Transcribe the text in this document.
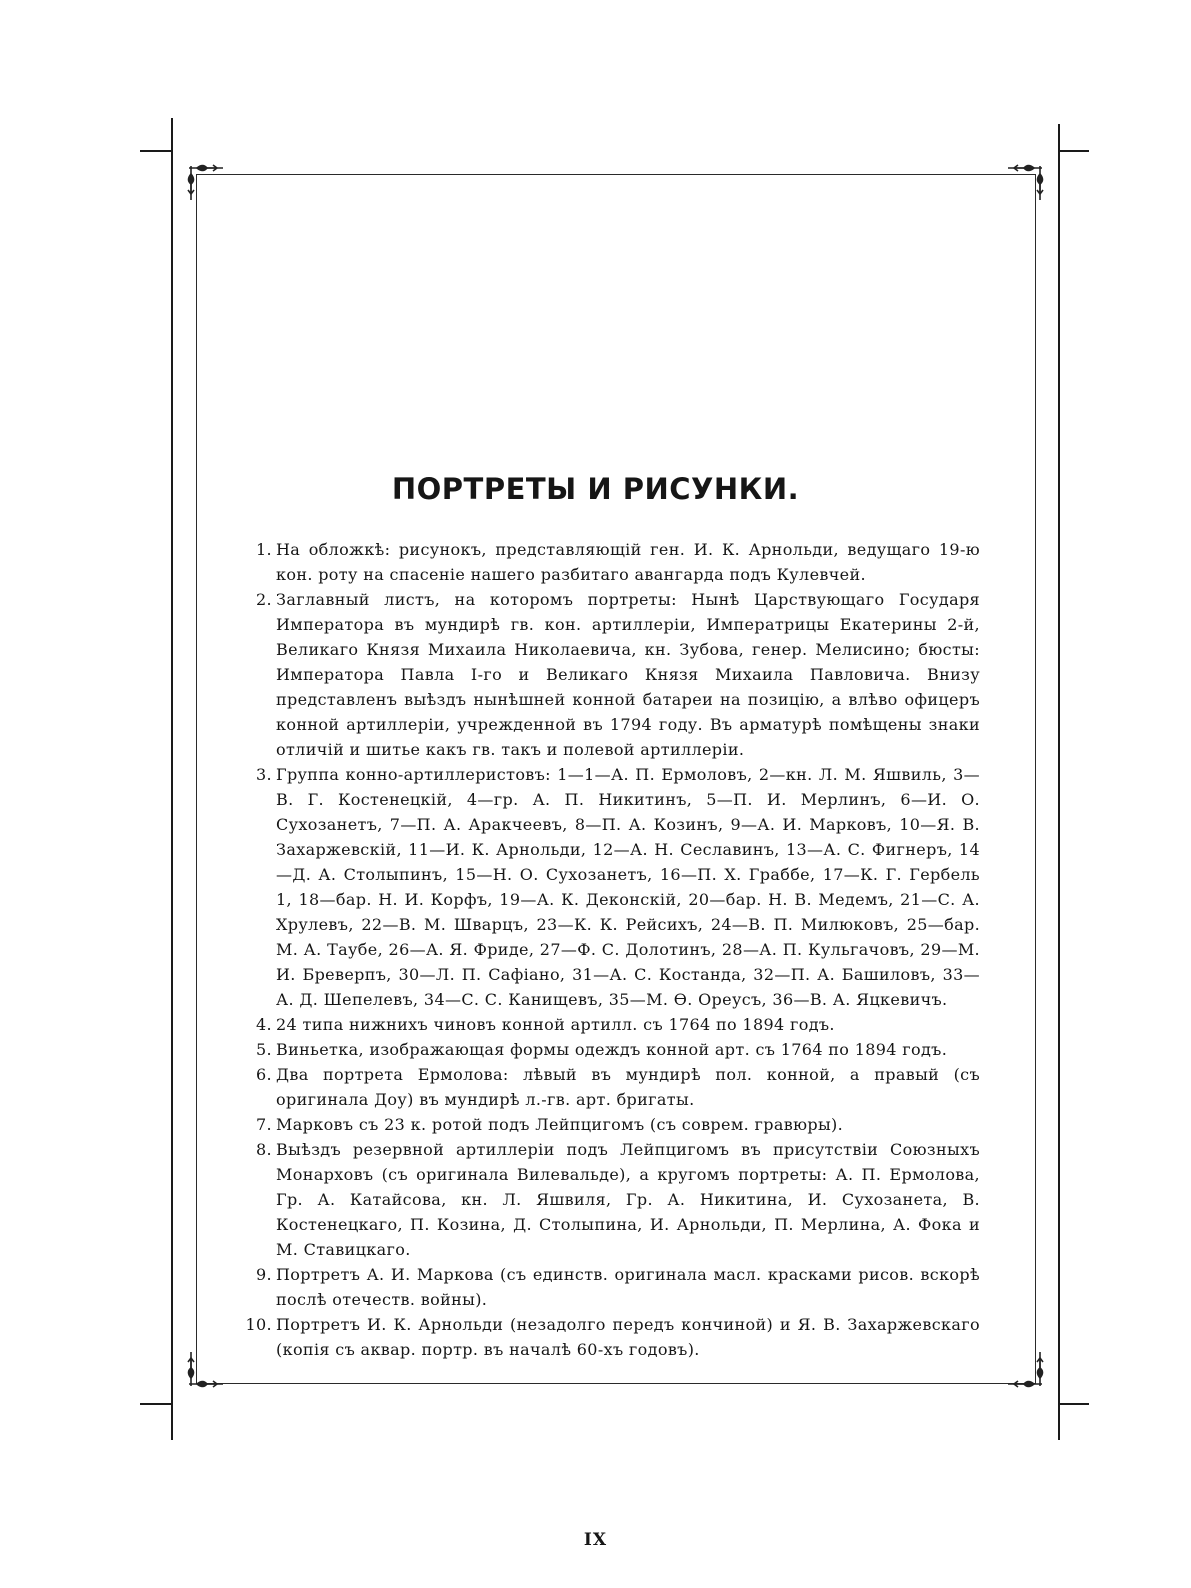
ПОРТРЕТЫ И РИСУНКИ.
1. На обложкѣ: рисунокъ, представляющій ген. И. К. Арнольди, ведущаго 19-ю кон. роту на спасеніе нашего разбитаго авангарда подъ Кулевчей.
2. Заглавный листъ, на которомъ портреты: Нынѣ Царствующаго Государя Императора въ мундирѣ гв. кон. артиллеріи, Императрицы Екатерины 2-й, Великаго Князя Михаила Николаевича, кн. Зубова, генер. Мелисино; бюсты: Императора Павла I-го и Великаго Князя Михаила Павловича. Внизу представленъ выѣздъ нынѣшней конной батареи на позицію, а влѣво офицеръ конной артиллеріи, учрежденной въ 1794 году. Въ арматурѣ помѣщены знаки отличій и шитье какъ гв. такъ и полевой артиллеріи.
3. Группа конно-артиллеристовъ: 1—1—А. П. Ермоловъ, 2—кн. Л. М. Яшвиль, 3—В. Г. Костенецкій, 4—гр. А. П. Никитинъ, 5—П. И. Мерлинъ, 6—И. О. Сухозанетъ, 7—П. А. Аракчеевъ, 8—П. А. Козинъ, 9—А. И. Марковъ, 10—Я. В. Захаржевскій, 11—И. К. Арнольди, 12—А. Н. Сеславинъ, 13—А. С. Фигнеръ, 14—Д. А. Столыпинъ, 15—Н. О. Сухозанетъ, 16—П. X. Граббе, 17—К. Г. Гербель 1, 18—бар. Н. И. Корфъ, 19—А. К. Деконскій, 20—бар. Н. В. Медемъ, 21—С. А. Хрулевъ, 22—В. М. Шварцъ, 23—К. К. Рейсихъ, 24—В. П. Милюковъ, 25—бар. М. А. Таубе, 26—А. Я. Фриде, 27—Ф. С. Долотинъ, 28—А. П. Кульгачовъ, 29—М. И. Бреверпъ, 30—Л. П. Сафіано, 31—А. С. Костанда, 32—П. А. Башиловъ, 33—А. Д. Шепелевъ, 34—С. С. Канищевъ, 35—М. Ѳ. Ореусъ, 36—В. А. Яцкевичъ.
4. 24 типа нижнихъ чиновъ конной артилл. съ 1764 по 1894 годъ.
5. Виньетка, изображающая формы одеждъ конной арт. съ 1764 по 1894 годъ.
6. Два портрета Ермолова: лѣвый въ мундирѣ пол. конной, а правый (съ оригинала Доу) въ мундирѣ л.-гв. арт. бригаты.
7. Марковъ съ 23 к. ротой подъ Лейпцигомъ (съ соврем. гравюры).
8. Выѣздъ резервной артиллеріи подъ Лейпцигомъ въ присутствіи Союзныхъ Монарховъ (съ оригинала Вилевальде), а кругомъ портреты: А. П. Ермолова, Гр. А. Катайсова, кн. Л. Яшвиля, Гр. А. Никитина, И. Сухозанета, В. Костенецкаго, П. Козина, Д. Столыпина, И. Арнольди, П. Мерлина, А. Фока и М. Ставицкаго.
9. Портретъ А. И. Маркова (съ единств. оригинала масл. красками рисов. вскорѣ послѣ отечеств. войны).
10. Портретъ И. К. Арнольди (незадолго передъ кончиной) и Я. В. Захаржевскаго (копія съ аквар. портр. въ началѣ 60-хъ годовъ).
IX
